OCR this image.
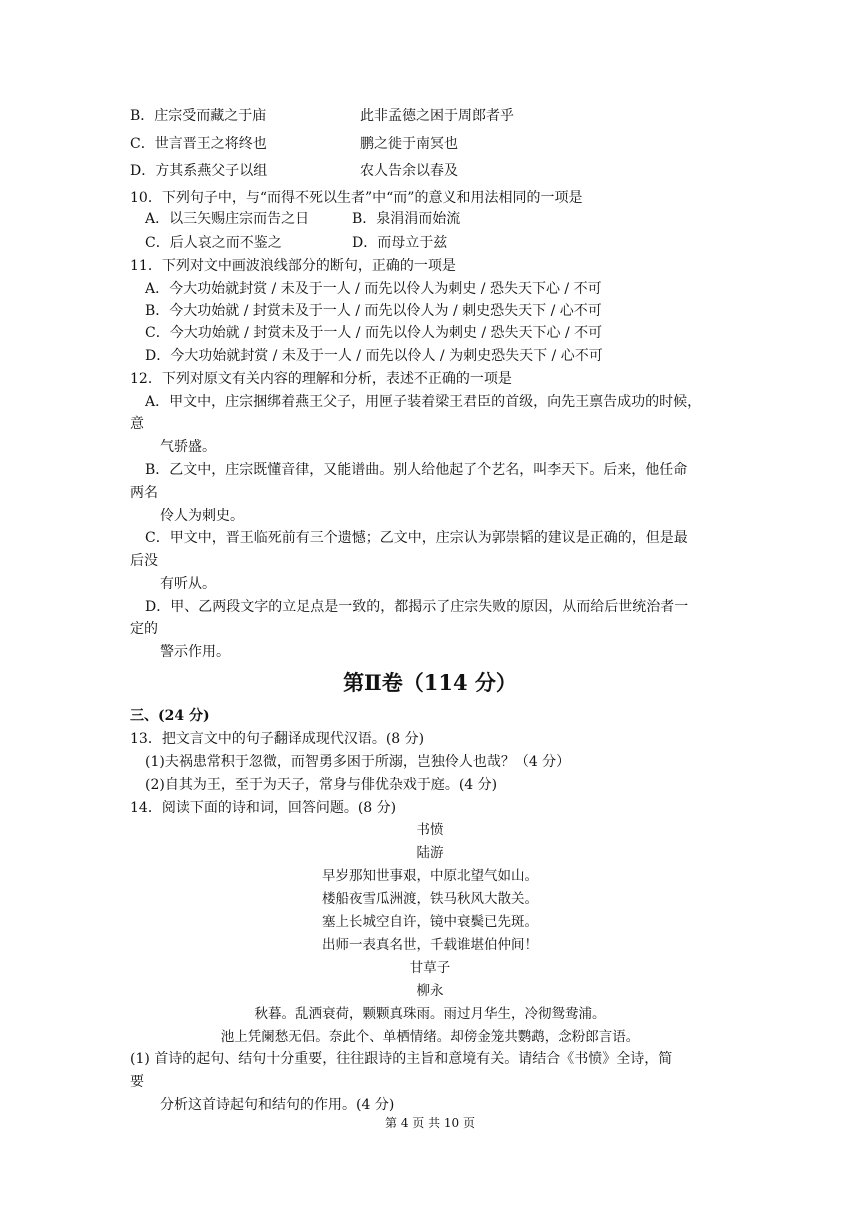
B．庄宗受而藏之于庙	此非孟德之困于周郎者乎
C．世言晋王之将终也	鹏之徙于南冥也
D．方其系燕父子以组	农人告余以春及
10．下列句子中，与“而得不死以生者”中“而”的意义和用法相同的一项是
A．以三矢赐庄宗而告之日	B．泉涓涓而始流
C．后人哀之而不鉴之	D．而母立于兹
11．下列对文中画波浪线部分的断句，正确的一项是
A．今大功始就封赏 / 未及于一人 / 而先以伶人为刺史 / 恐失天下心 / 不可
B．今大功始就 / 封赏未及于一人 / 而先以伶人为 / 刺史恐失天下 / 心不可
C．今大功始就 / 封赏未及于一人 / 而先以伶人为刺史 / 恐失天下心 / 不可
D．今大功始就封赏 / 未及于一人 / 而先以伶人 / 为刺史恐失天下 / 心不可
12．下列对原文有关内容的理解和分析，表述不正确的一项是
A．甲文中，庄宗捆绑着燕王父子，用匣子装着梁王君臣的首级，向先王禀告成功的时候，
意
气骄盛。
B．乙文中，庄宗既懂音律，又能谱曲。别人给他起了个艺名，叫李天下。后来，他任命
两名
伶人为刺史。
C．甲文中，晋王临死前有三个遗憾；乙文中，庄宗认为郭崇韬的建议是正确的，但是最
后没
有听从。
D．甲、乙两段文字的立足点是一致的，都揭示了庄宗失败的原因，从而给后世统治者一
定的
警示作用。
第Ⅱ卷（114 分）
三、(24 分)
13．把文言文中的句子翻译成现代汉语。(8 分)
(1)夫祸患常积于忽微，而智勇多困于所溺，岂独伶人也哉？（4 分）
(2)自其为王，至于为天子，常身与俳优杂戏于庭。(4 分)
14．阅读下面的诗和词，回答问题。(8 分)
书愤
陆游
早岁那知世事艰，中原北望气如山。
楼船夜雪瓜洲渡，铁马秋风大散关。
塞上长城空自许，镜中衰鬓已先斑。
出师一表真名世，千载谁堪伯仲间！
甘草子
柳永
秋暮。乱洒衰荷，颗颗真珠雨。雨过月华生，冷彻鸳鸯浦。
池上凭阑愁无侣。奈此个、单栖情绪。却傍金笼共鹦鹉，念粉郎言语。
(1) 首诗的起句、结句十分重要，往往跟诗的主旨和意境有关。请结合《书愤》全诗，简
要
分析这首诗起句和结句的作用。(4 分)
第 4 页 共 10 页
